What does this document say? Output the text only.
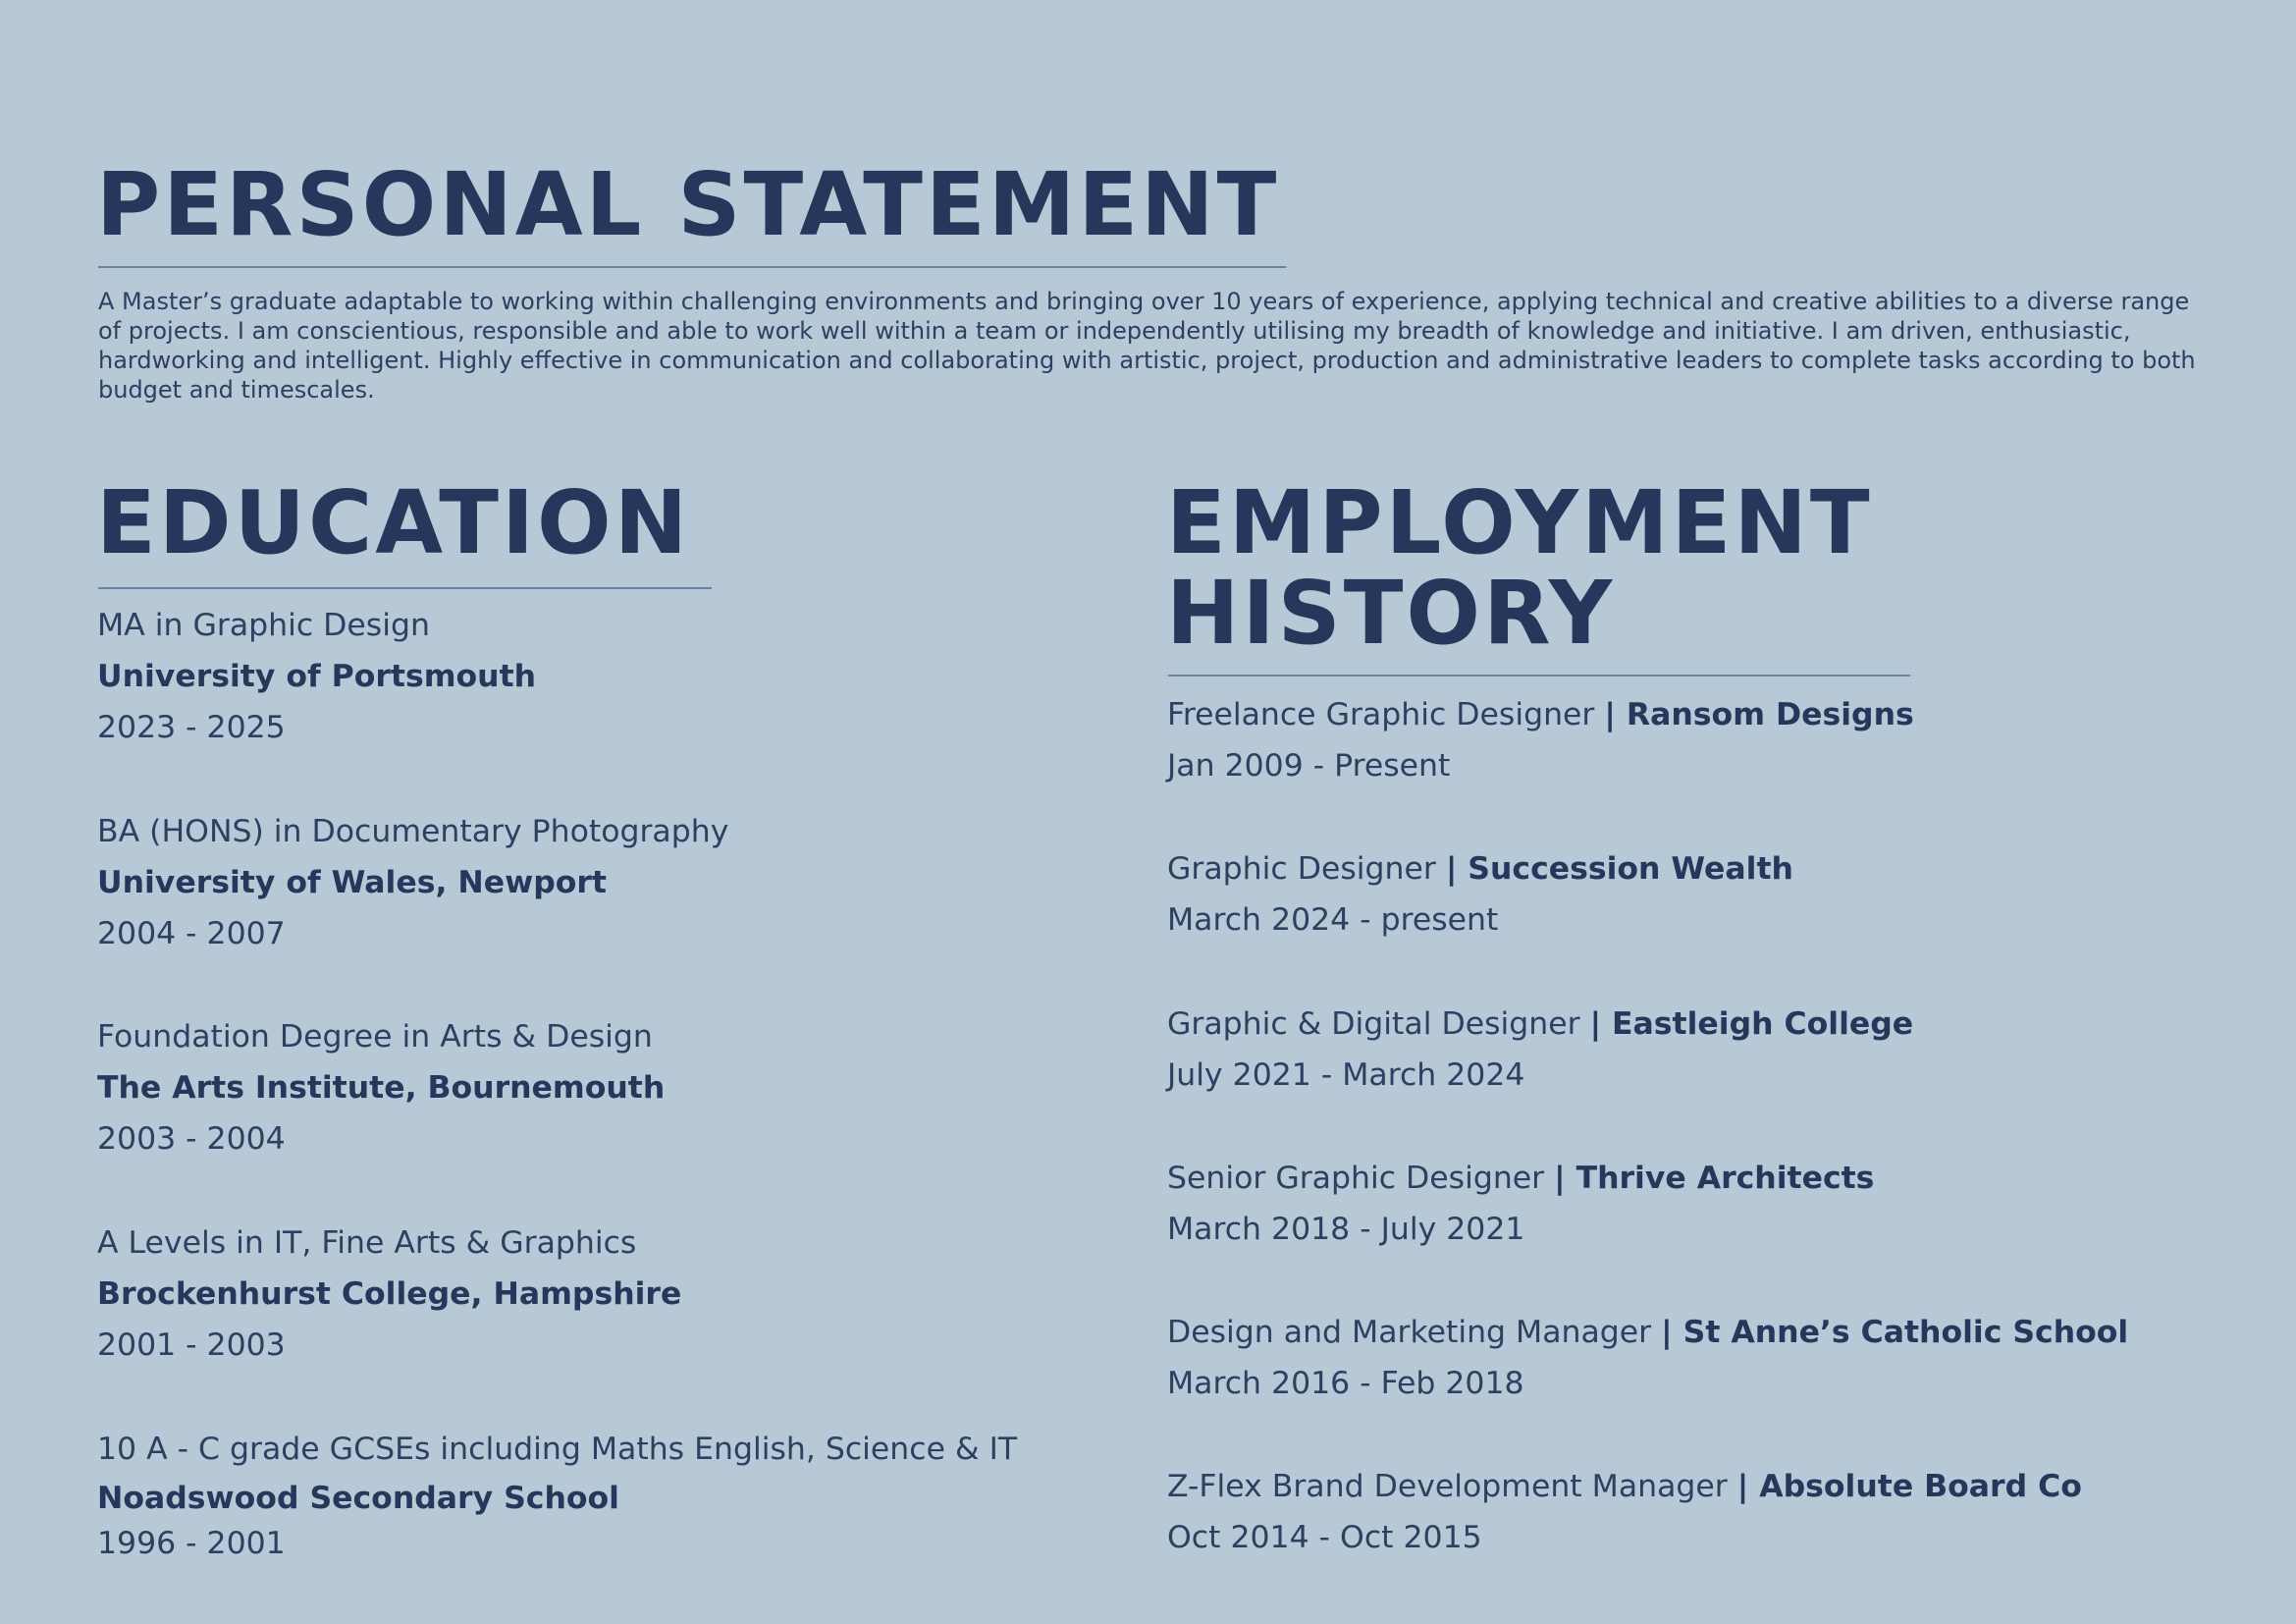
PERSONAL STATEMENT

A Master’s graduate adaptable to working within challenging environments and bringing over 10 years of experience, applying technical and creative abilities to a diverse range of projects. I am conscientious, responsible and able to work well within a team or independently utilising my breadth of knowledge and initiative. I am driven, enthusiastic, hardworking and intelligent. Highly effective in communication and collaborating with artistic, project, production and administrative leaders to complete tasks according to both budget and timescales.

EDUCATION
MA in Graphic Design
University of Portsmouth
2023 - 2025
BA (HONS) in Documentary Photography
University of Wales, Newport
2004 - 2007
Foundation Degree in Arts & Design
The Arts Institute, Bournemouth
2003 - 2004
A Levels in IT, Fine Arts & Graphics
Brockenhurst College, Hampshire
2001 - 2003
10 A - C grade GCSEs including Maths English, Science & IT
Noadswood Secondary School
1996 - 2001
EMPLOYMENT
HISTORY
Freelance Graphic Designer | Ransom Designs
Jan 2009 - Present
Graphic Designer | Succession Wealth
March 2024 - present
Graphic & Digital Designer | Eastleigh College
July 2021 - March 2024
Senior Graphic Designer | Thrive Architects
March 2018 - July 2021
Design and Marketing Manager | St Anne’s Catholic School
March 2016 - Feb 2018
Z-Flex Brand Development Manager | Absolute Board Co
Oct 2014 - Oct 2015
